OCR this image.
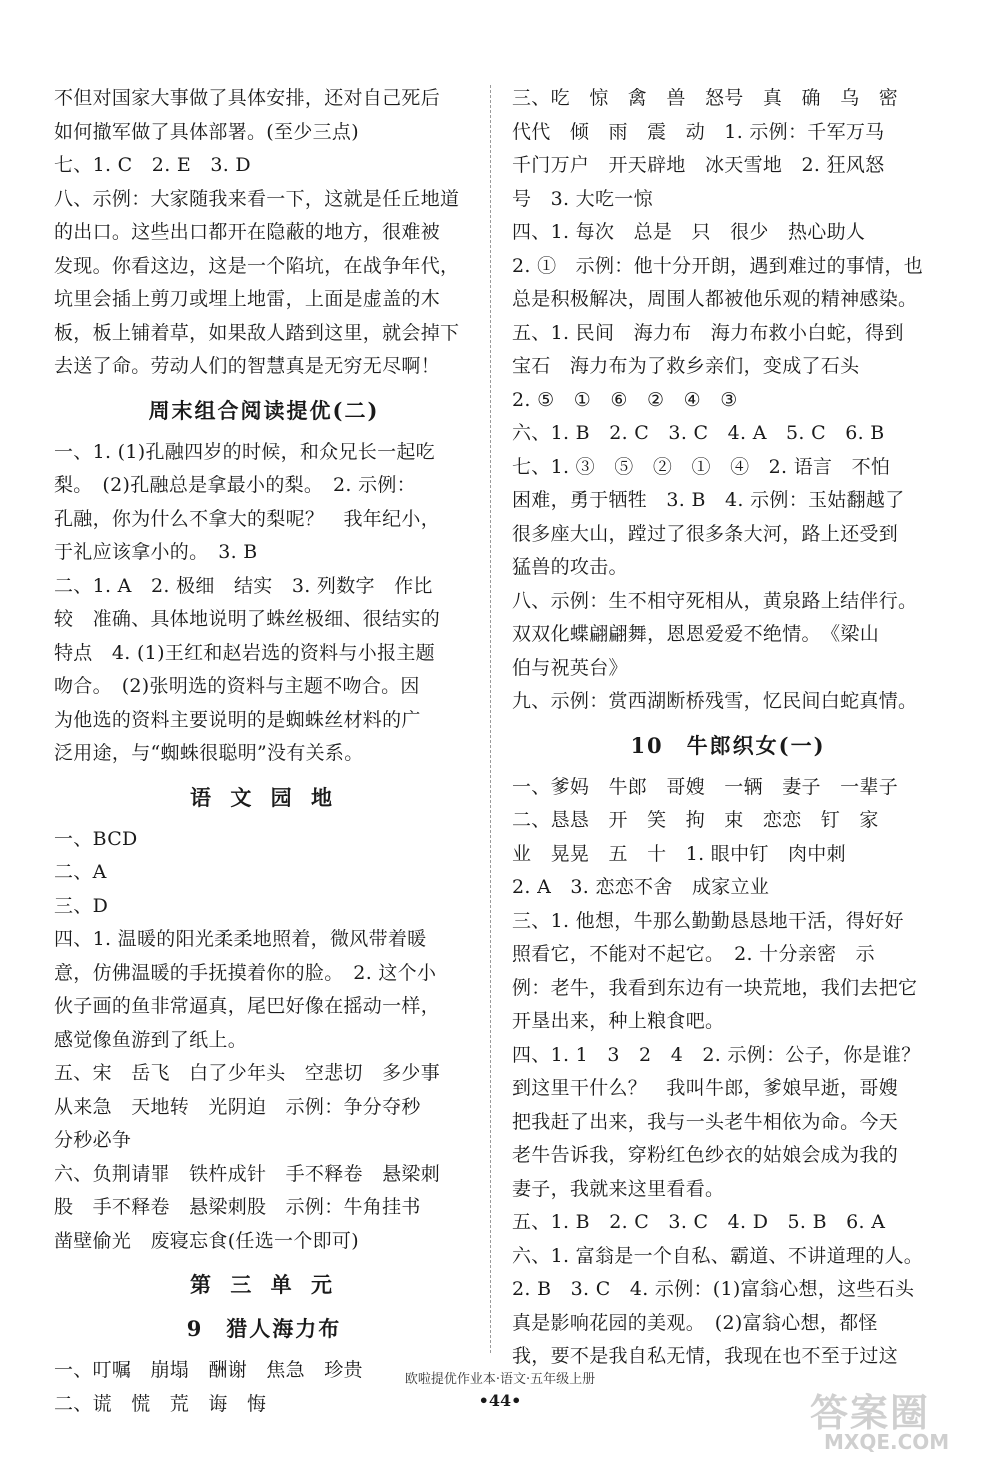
不但对国家大事做了具体安排，还对自己死后
如何撤军做了具体部署。(至少三点)
七、1. C　2. E　3. D
八、示例：大家随我来看一下，这就是任丘地道
的出口。这些出口都开在隐蔽的地方，很难被
发现。你看这边，这是一个陷坑，在战争年代，
坑里会插上剪刀或埋上地雷，上面是虚盖的木
板，板上铺着草，如果敌人踏到这里，就会掉下
去送了命。劳动人们的智慧真是无穷无尽啊！
周末组合阅读提优(二)
一、1. (1)孔融四岁的时候，和众兄长一起吃
梨。　(2)孔融总是拿最小的梨。　2. 示例：
孔融，你为什么不拿大的梨呢？　我年纪小，
于礼应该拿小的。　3. B
二、1. A　2. 极细　结实　3. 列数字　作比
较　准确、具体地说明了蛛丝极细、很结实的
特点　4. (1)王红和赵岩选的资料与小报主题
吻合。　(2)张明选的资料与主题不吻合。因
为他选的资料主要说明的是蜘蛛丝材料的广
泛用途，与“蜘蛛很聪明”没有关系。
语 文 园 地
一、BCD
二、A
三、D
四、1. 温暖的阳光柔柔地照着，微风带着暖
意，仿佛温暖的手抚摸着你的脸。　2. 这个小
伙子画的鱼非常逼真，尾巴好像在摇动一样，
感觉像鱼游到了纸上。
五、宋　岳飞　白了少年头　空悲切　多少事
从来急　天地转　光阴迫　示例：争分夺秒
分秒必争
六、负荆请罪　铁杵成针　手不释卷　悬梁刺
股　手不释卷　悬梁刺股　示例：牛角挂书
凿壁偷光　废寝忘食(任选一个即可)
第 三 单 元
9　猎人海力布
一、叮嘱　崩塌　酬谢　焦急　珍贵
二、谎　慌　荒　诲　悔
三、吃　惊　禽　兽　怒号　真　确　乌　密
代代　倾　雨　震　动　1. 示例：千军万马
千门万户　开天辟地　冰天雪地　2. 狂风怒
号　3. 大吃一惊
四、1. 每次　总是　只　很少　热心助人
2. ①　示例：他十分开朗，遇到难过的事情，也
总是积极解决，周围人都被他乐观的精神感染。
五、1. 民间　海力布　海力布救小白蛇，得到
宝石　海力布为了救乡亲们，变成了石头
2. ⑤　①　⑥　②　④　③
六、1. B　2. C　3. C　4. A　5. C　6. B
七、1. ③　⑤　②　①　④　2. 语言　不怕
困难，勇于牺牲　3. B　4. 示例：玉姑翻越了
很多座大山，蹚过了很多条大河，路上还受到
猛兽的攻击。
八、示例：生不相守死相从，黄泉路上结伴行。
双双化蝶翩翩舞，恩恩爱爱不绝情。　《梁山
伯与祝英台》
九、示例：赏西湖断桥残雪，忆民间白蛇真情。
10　牛郎织女(一)
一、爹妈　牛郎　哥嫂　一辆　妻子　一辈子
二、恳恳　开　笑　拘　束　恋恋　钉　家
业　晃晃　五　十　1. 眼中钉　肉中刺
2. A　3. 恋恋不舍　成家立业
三、1. 他想，牛那么勤勤恳恳地干活，得好好
照看它，不能对不起它。　2. 十分亲密　示
例：老牛，我看到东边有一块荒地，我们去把它
开垦出来，种上粮食吧。
四、1. 1　3　2　4　2. 示例：公子，你是谁？
到这里干什么？　我叫牛郎，爹娘早逝，哥嫂
把我赶了出来，我与一头老牛相依为命。今天
老牛告诉我，穿粉红色纱衣的姑娘会成为我的
妻子，我就来这里看看。
五、1. B　2. C　3. C　4. D　5. B　6. A
六、1. 富翁是一个自私、霸道、不讲道理的人。
2. B　3. C　4. 示例：(1)富翁心想，这些石头
真是影响花园的美观。　(2)富翁心想，都怪
我，要不是我自私无情，我现在也不至于过这
欧啦提优作业本·语文·五年级上册
•44•	答案圈
MXQE.COM
